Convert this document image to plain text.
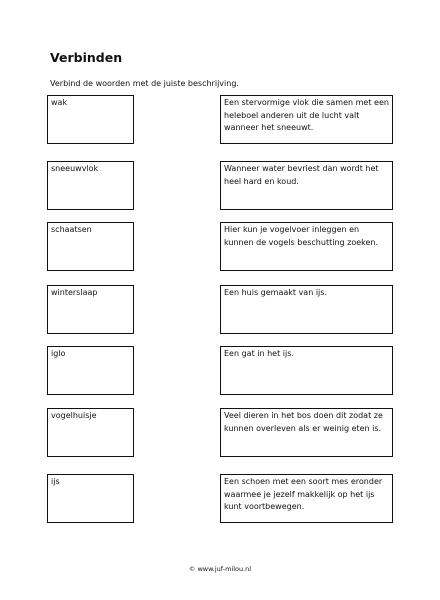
Verbinden
Verbind de woorden met de juiste beschrijving.
wak
sneeuwvlok
schaatsen
winterslaap
iglo
vogelhuisje
ijs
Een stervormige vlok die samen met een heleboel anderen uit de lucht valt wanneer het sneeuwt.
Wanneer water bevriest dan wordt het heel hard en koud.
Hier kun je vogelvoer inleggen en kunnen de vogels beschutting zoeken.
Een huis gemaakt van ijs.
Een gat in het ijs.
Veel dieren in het bos doen dit zodat ze kunnen overleven als er weinig eten is.
Een schoen met een soort mes eronder waarmee je jezelf makkelijk op het ijs kunt voortbewegen.
© www.juf-milou.nl
